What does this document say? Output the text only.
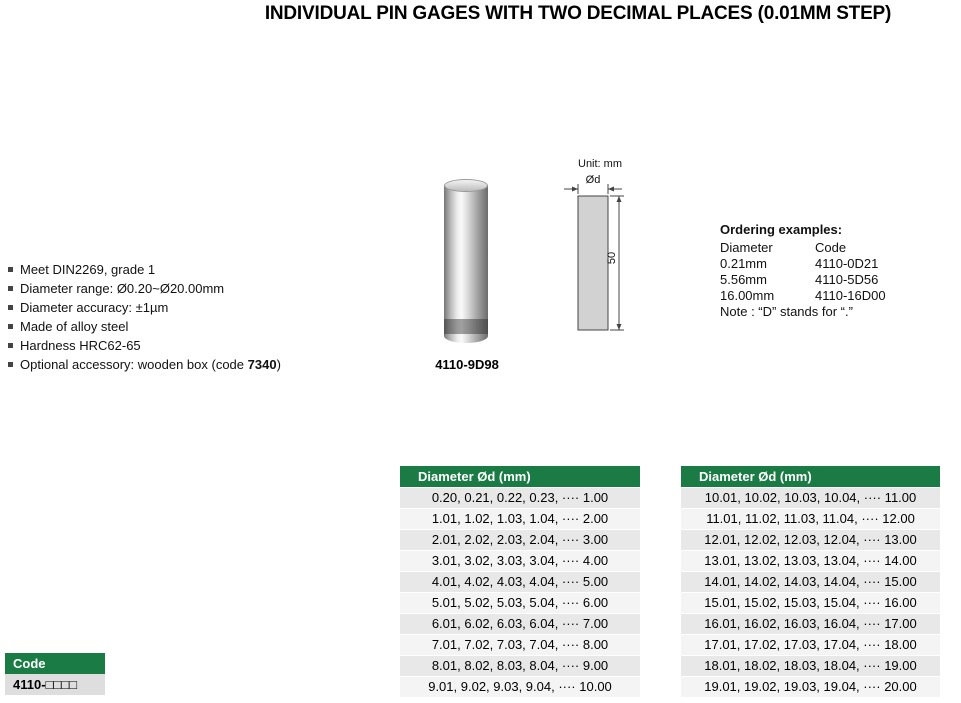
INDIVIDUAL PIN GAGES WITH TWO DECIMAL PLACES (0.01MM STEP)
Meet DIN2269, grade 1
Diameter range: Ø0.20~Ø20.00mm
Diameter accuracy: ±1µm
Made of alloy steel
Hardness HRC62-65
Optional accessory: wooden box (code 7340)	4110-9D98
Unit: mm
Ød
50
Ordering examples:
Diameter	Code
0.21mm	4110-0D21
5.56mm	4110-5D56
16.00mm	4110-16D00
Note : “D” stands for “.”
Code
4110-□□□□
Diameter Ød (mm)
0.20, 0.21, 0.22, 0.23, ···· 1.00
1.01, 1.02, 1.03, 1.04, ···· 2.00
2.01, 2.02, 2.03, 2.04, ···· 3.00
3.01, 3.02, 3.03, 3.04, ···· 4.00
4.01, 4.02, 4.03, 4.04, ···· 5.00
5.01, 5.02, 5.03, 5.04, ···· 6.00
6.01, 6.02, 6.03, 6.04, ···· 7.00
7.01, 7.02, 7.03, 7.04, ···· 8.00
8.01, 8.02, 8.03, 8.04, ···· 9.00
9.01, 9.02, 9.03, 9.04, ···· 10.00
Diameter Ød (mm)
10.01, 10.02, 10.03, 10.04, ···· 11.00
11.01, 11.02, 11.03, 11.04, ···· 12.00
12.01, 12.02, 12.03, 12.04, ···· 13.00
13.01, 13.02, 13.03, 13.04, ···· 14.00
14.01, 14.02, 14.03, 14.04, ···· 15.00
15.01, 15.02, 15.03, 15.04, ···· 16.00
16.01, 16.02, 16.03, 16.04, ···· 17.00
17.01, 17.02, 17.03, 17.04, ···· 18.00
18.01, 18.02, 18.03, 18.04, ···· 19.00
19.01, 19.02, 19.03, 19.04, ···· 20.00
